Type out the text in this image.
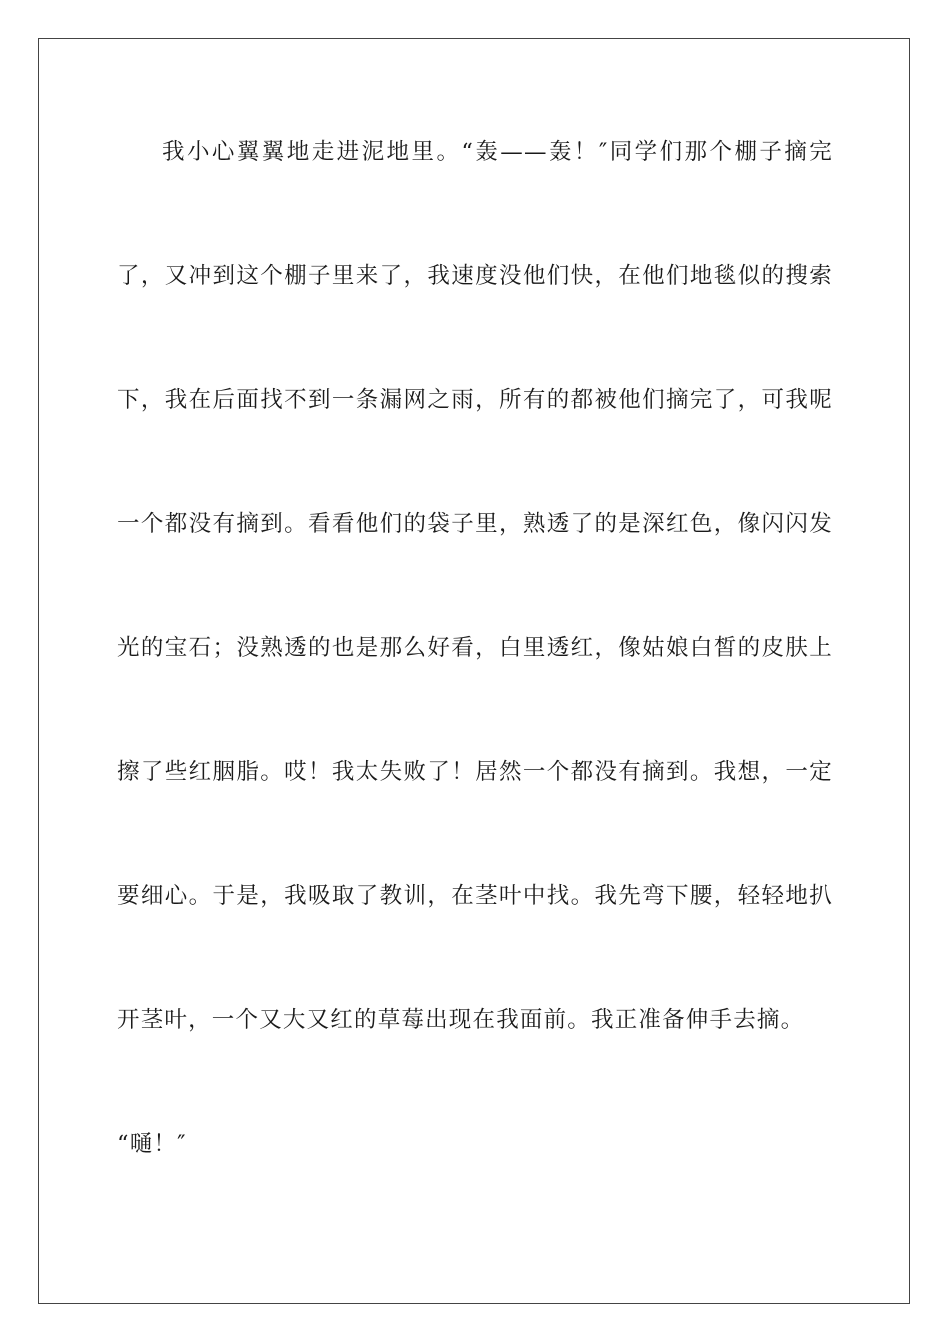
我小心翼翼地走进泥地里。“轰——轰！″同学们那个棚子摘完
了，又冲到这个棚子里来了，我速度没他们快，在他们地毯似的搜索
下，我在后面找不到一条漏网之雨，所有的都被他们摘完了，可我呢
一个都没有摘到。看看他们的袋子里，熟透了的是深红色，像闪闪发
光的宝石；没熟透的也是那么好看，白里透红，像姑娘白皙的皮肤上
擦了些红胭脂。哎！我太失败了！居然一个都没有摘到。我想，一定
要细心。于是，我吸取了教训，在茎叶中找。我先弯下腰，轻轻地扒
开茎叶，一个又大又红的草莓出现在我面前。我正准备伸手去摘。
“嗵！″
